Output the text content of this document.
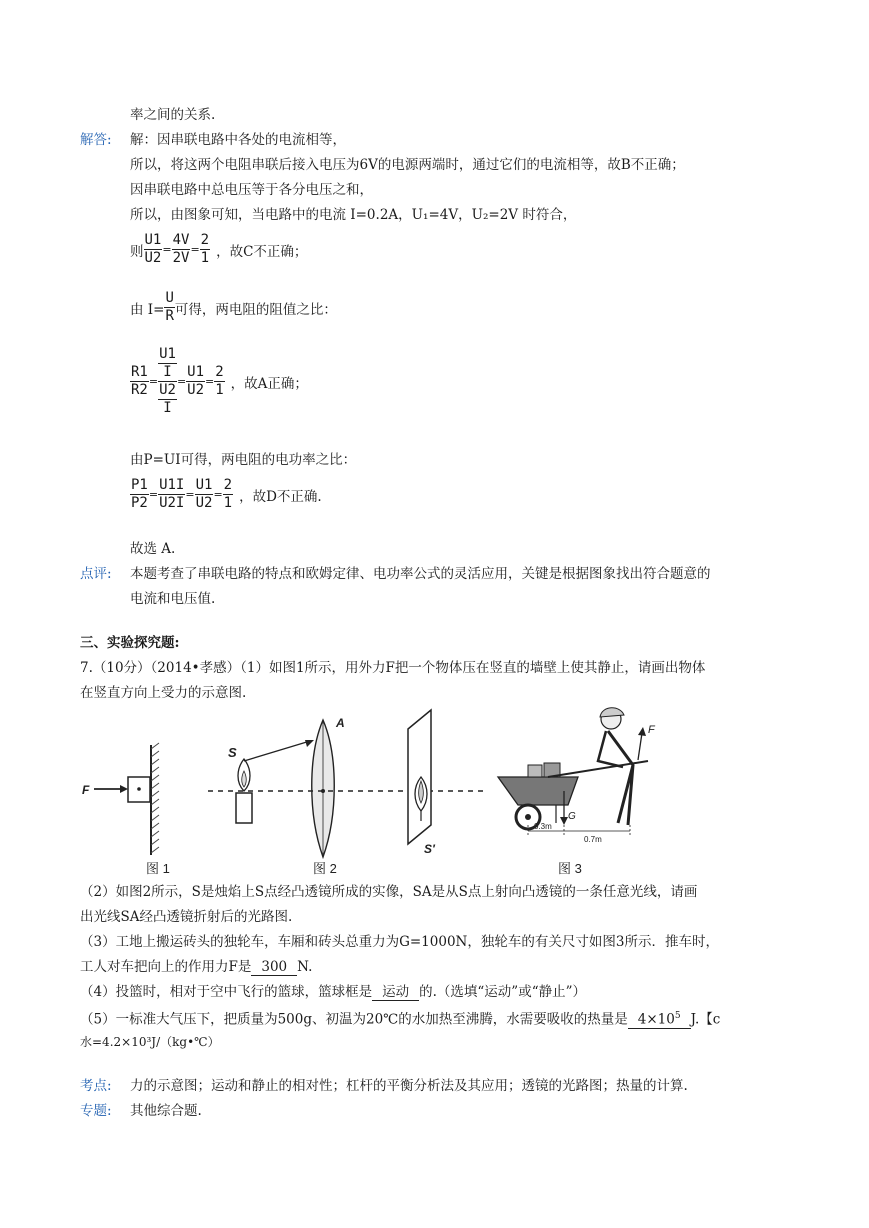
率之间的关系.
解答: 解：因串联电路中各处的电流相等，
所以，将这两个电阻串联后接入电压为6V的电源两端时，通过它们的电流相等，故B不正确；
因串联电路中总电压等于各分电压之和，
所以，由图象可知，当电路中的电流 I=0.2A，U₁=4V，U₂=2V 时符合，
则 $\frac{U1}{U2} = \frac{4V}{2V} = \frac{2}{1}$ ，故C不正确；
由 $I= \frac{U}{R}$ 可得，两电阻的阻值之比：
$\frac{R1}{R2} = \frac{\frac{U1}{I}}{\frac{U2}{I}} = \frac{U1}{U2} = \frac{2}{1}$ ，故A正确；
由P=UI可得，两电阻的电功率之比：
$\frac{P1}{P2} = \frac{U1I}{U2I} = \frac{U1}{U2} = \frac{2}{1}$ ，故D不正确.
故选 A.
点评: 本题考查了串联电路的特点和欧姆定律、电功率公式的灵活应用，关键是根据图象找出符合题意的
电流和电压值.
三、实验探究题:
7.（10分）（2014•孝感）（1）如图1所示，用外力F把一个物体压在竖直的墙壁上使其静止，请画出物体
在竖直方向上受力的示意图.
F
S
A
S′
F
G
0.3m
0.7m
图 1	图 2	图 3
（2）如图2所示，S是烛焰上S点经凸透镜所成的实像，SA是从S点上射向凸透镜的一条任意光线，请画
出光线SA经凸透镜折射后的光路图.
（3）工地上搬运砖头的独轮车，车厢和砖头总重力为G=1000N，独轮车的有关尺寸如图3所示．推车时，
工人对车把向上的作用力F是 300 N.
（4）投篮时，相对于空中飞行的篮球，篮球框是 运动 的.（选填“运动”或“静止”）
（5）一标准大气压下，把质量为500g、初温为20℃的水加热至沸腾，水需要吸收的热量是 $4\times 10^5$ J.【c
水=4.2×10³J/（kg•℃）
考点: 力的示意图；运动和静止的相对性；杠杆的平衡分析法及其应用；透镜的光路图；热量的计算.
专题: 其他综合题.
